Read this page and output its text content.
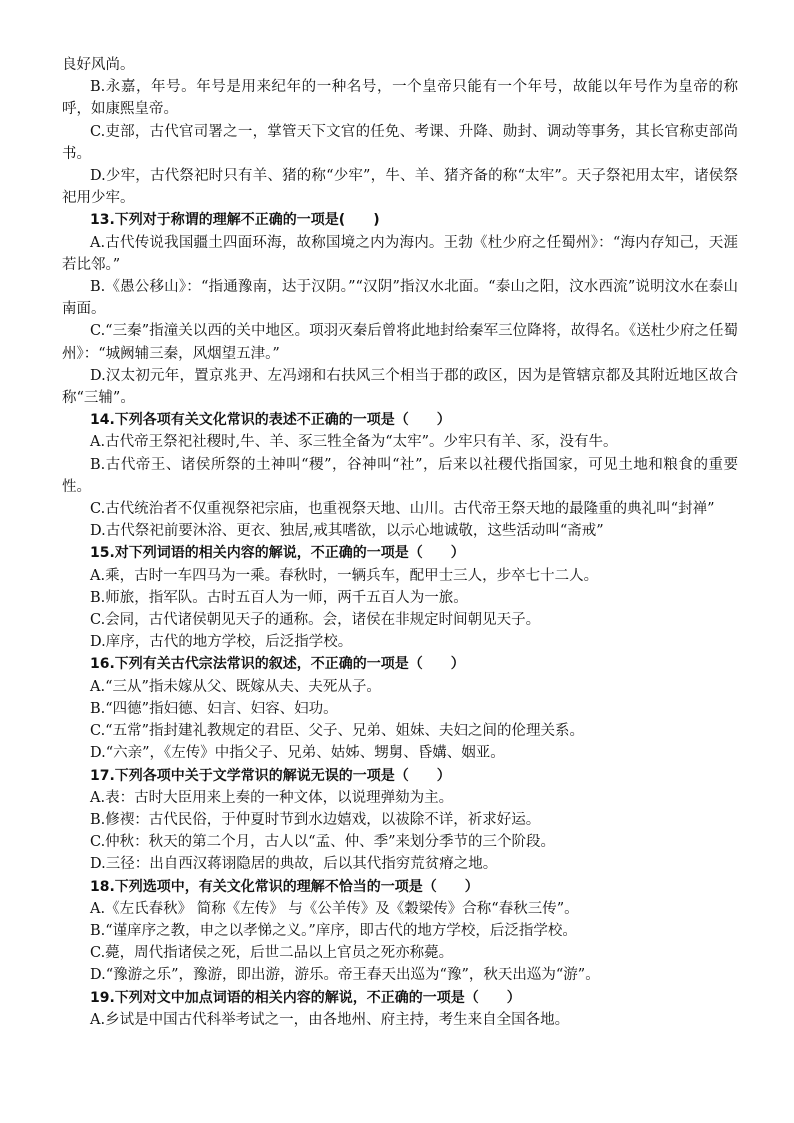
良好风尚。

B.永嘉，年号。年号是用来纪年的一种名号，一个皇帝只能有一个年号，故能以年号作为皇帝的称呼，如康熙皇帝。

C.吏部，古代官司署之一，掌管天下文官的任免、考课、升降、勋封、调动等事务，其长官称吏部尚书。

D.少牢，古代祭祀时只有羊、猪的称“少牢”，牛、羊、猪齐备的称“太牢”。天子祭祀用太牢，诸侯祭祀用少牢。

13.下列对于称谓的理解不正确的一项是(　　)

A.古代传说我国疆土四面环海，故称国境之内为海内。王勃《杜少府之任蜀州》：“海内存知己，天涯若比邻。”

B.《愚公移山》：“指通豫南，达于汉阴。”“汉阴”指汉水北面。“泰山之阳，汶水西流”说明汶水在泰山南面。

C.“三秦”指潼关以西的关中地区。项羽灭秦后曾将此地封给秦军三位降将，故得名。《送杜少府之任蜀州》：“城阙辅三秦，风烟望五津。”

D.汉太初元年，置京兆尹、左冯翊和右扶风三个相当于郡的政区，因为是管辖京都及其附近地区故合称“三辅”。

14.下列各项有关文化常识的表述不正确的一项是（　　）

A.古代帝王祭祀社稷时,牛、羊、豕三牲全备为“太牢”。少牢只有羊、豕，没有牛。

B.古代帝王、诸侯所祭的土神叫“稷”，谷神叫“社”，后来以社稷代指国家，可见土地和粮食的重要性。

C.古代统治者不仅重视祭祀宗庙，也重视祭天地、山川。古代帝王祭天地的最隆重的典礼叫“封禅”

D.古代祭祀前要沐浴、更衣、独居,戒其嗜欲，以示心地诚敬，这些活动叫“斋戒”

15.对下列词语的相关内容的解说，不正确的一项是（　　）

A.乘，古时一车四马为一乘。春秋时，一辆兵车，配甲士三人，步卒七十二人。

B.师旅，指军队。古时五百人为一师，两千五百人为一旅。

C.会同，古代诸侯朝见天子的通称。会，诸侯在非规定时间朝见天子。

D.庠序，古代的地方学校，后泛指学校。

16.下列有关古代宗法常识的叙述，不正确的一项是（　　）

A.“三从”指未嫁从父、既嫁从夫、夫死从子。

B.“四德”指妇德、妇言、妇容、妇功。

C.“五常”指封建礼教规定的君臣、父子、兄弟、姐妹、夫妇之间的伦理关系。

D.“六亲”，《左传》中指父子、兄弟、姑姊、甥舅、昏媾、姻亚。

17.下列各项中关于文学常识的解说无误的一项是（　　）

A.表：古时大臣用来上奏的一种文体，以说理弹劾为主。

B.修禊：古代民俗，于仲夏时节到水边嬉戏，以祓除不详，祈求好运。

C.仲秋：秋天的第二个月，古人以“孟、仲、季”来划分季节的三个阶段。

D.三径：出自西汉蒋诩隐居的典故，后以其代指穷荒贫瘠之地。

18.下列选项中，有关文化常识的理解不恰当的一项是（　　）

A.《左氏春秋》 简称《左传》 与《公羊传》及《穀梁传》合称“春秋三传”。

B.“谨庠序之教，申之以孝悌之义。”庠序，即古代的地方学校，后泛指学校。

C.薨，周代指诸侯之死，后世二品以上官员之死亦称薨。

D.“豫游之乐”，豫游，即出游，游乐。帝王春天出巡为“豫”，秋天出巡为“游”。

19.下列对文中加点词语的相关内容的解说，不正确的一项是（　　）

A.乡试是中国古代科举考试之一，由各地州、府主持，考生来自全国各地。
